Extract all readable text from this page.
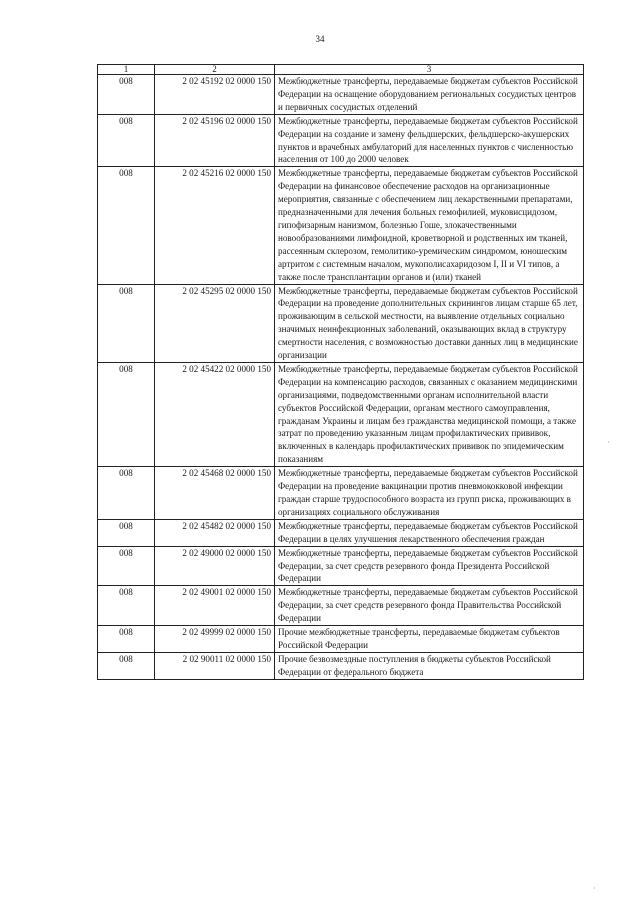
34
1	2	3
008	2 02 45192 02 0000 150	Межбюджетные трансферты, передаваемые бюджетам субъектов Российской Федерации на оснащение оборудованием региональных сосудистых центров и первичных сосудистых отделений
008	2 02 45196 02 0000 150	Межбюджетные трансферты, передаваемые бюджетам субъектов Российской Федерации на создание и замену фельдшерских, фельдшерско-акушерских пунктов и врачебных амбулаторий для населенных пунктов с численностью населения от 100 до 2000 человек
008	2 02 45216 02 0000 150	Межбюджетные трансферты, передаваемые бюджетам субъектов Российской Федерации на финансовое обеспечение расходов на организационные мероприятия, связанные с обеспечением лиц лекарственными препаратами, предназначенными для лечения больных гемофилией, муковисцидозом, гипофизарным нанизмом, болезнью Гоше, злокачественными новообразованиями лимфоидной, кроветворной и родственных им тканей, рассеянным склерозом, гемолитико-уремическим синдромом, юношеским артритом с системным началом, мукополисахаридозом I, II и VI типов, а также после трансплантации органов и (или) тканей
008	2 02 45295 02 0000 150	Межбюджетные трансферты, передаваемые бюджетам субъектов Российской Федерации на проведение дополнительных скринингов лицам старше 65 лет, проживающим в сельской местности, на выявление отдельных социально значимых неинфекционных заболеваний, оказывающих вклад в структуру смертности населения, с возможностью доставки данных лиц в медицинские организации
008	2 02 45422 02 0000 150	Межбюджетные трансферты, передаваемые бюджетам субъектов Российской Федерации на компенсацию расходов, связанных с оказанием медицинскими организациями, подведомственными органам исполнительной власти субъектов Российской Федерации, органам местного самоуправления, гражданам Украины и лицам без гражданства медицинской помощи, а также затрат по проведению указанным лицам профилактических прививок, включенных в календарь профилактических прививок по эпидемическим показаниям
008	2 02 45468 02 0000 150	Межбюджетные трансферты, передаваемые бюджетам субъектов Российской Федерации на проведение вакцинации против пневмококковой инфекции граждан старше трудоспособного возраста из групп риска, проживающих в организациях социального обслуживания
008	2 02 45482 02 0000 150	Межбюджетные трансферты, передаваемые бюджетам субъектов Российской Федерации в целях улучшения лекарственного обеспечения граждан
008	2 02 49000 02 0000 150	Межбюджетные трансферты, передаваемые бюджетам субъектов Российской Федерации, за счет средств резервного фонда Президента Российской Федерации
008	2 02 49001 02 0000 150	Межбюджетные трансферты, передаваемые бюджетам субъектов Российской Федерации, за счет средств резервного фонда Правительства Российской Федерации
008	2 02 49999 02 0000 150	Прочие межбюджетные трансферты, передаваемые бюджетам субъектов Российской Федерации
008	2 02 90011 02 0000 150	Прочие безвозмездные поступления в бюджеты субъектов Российской Федерации от федерального бюджета
·
·
